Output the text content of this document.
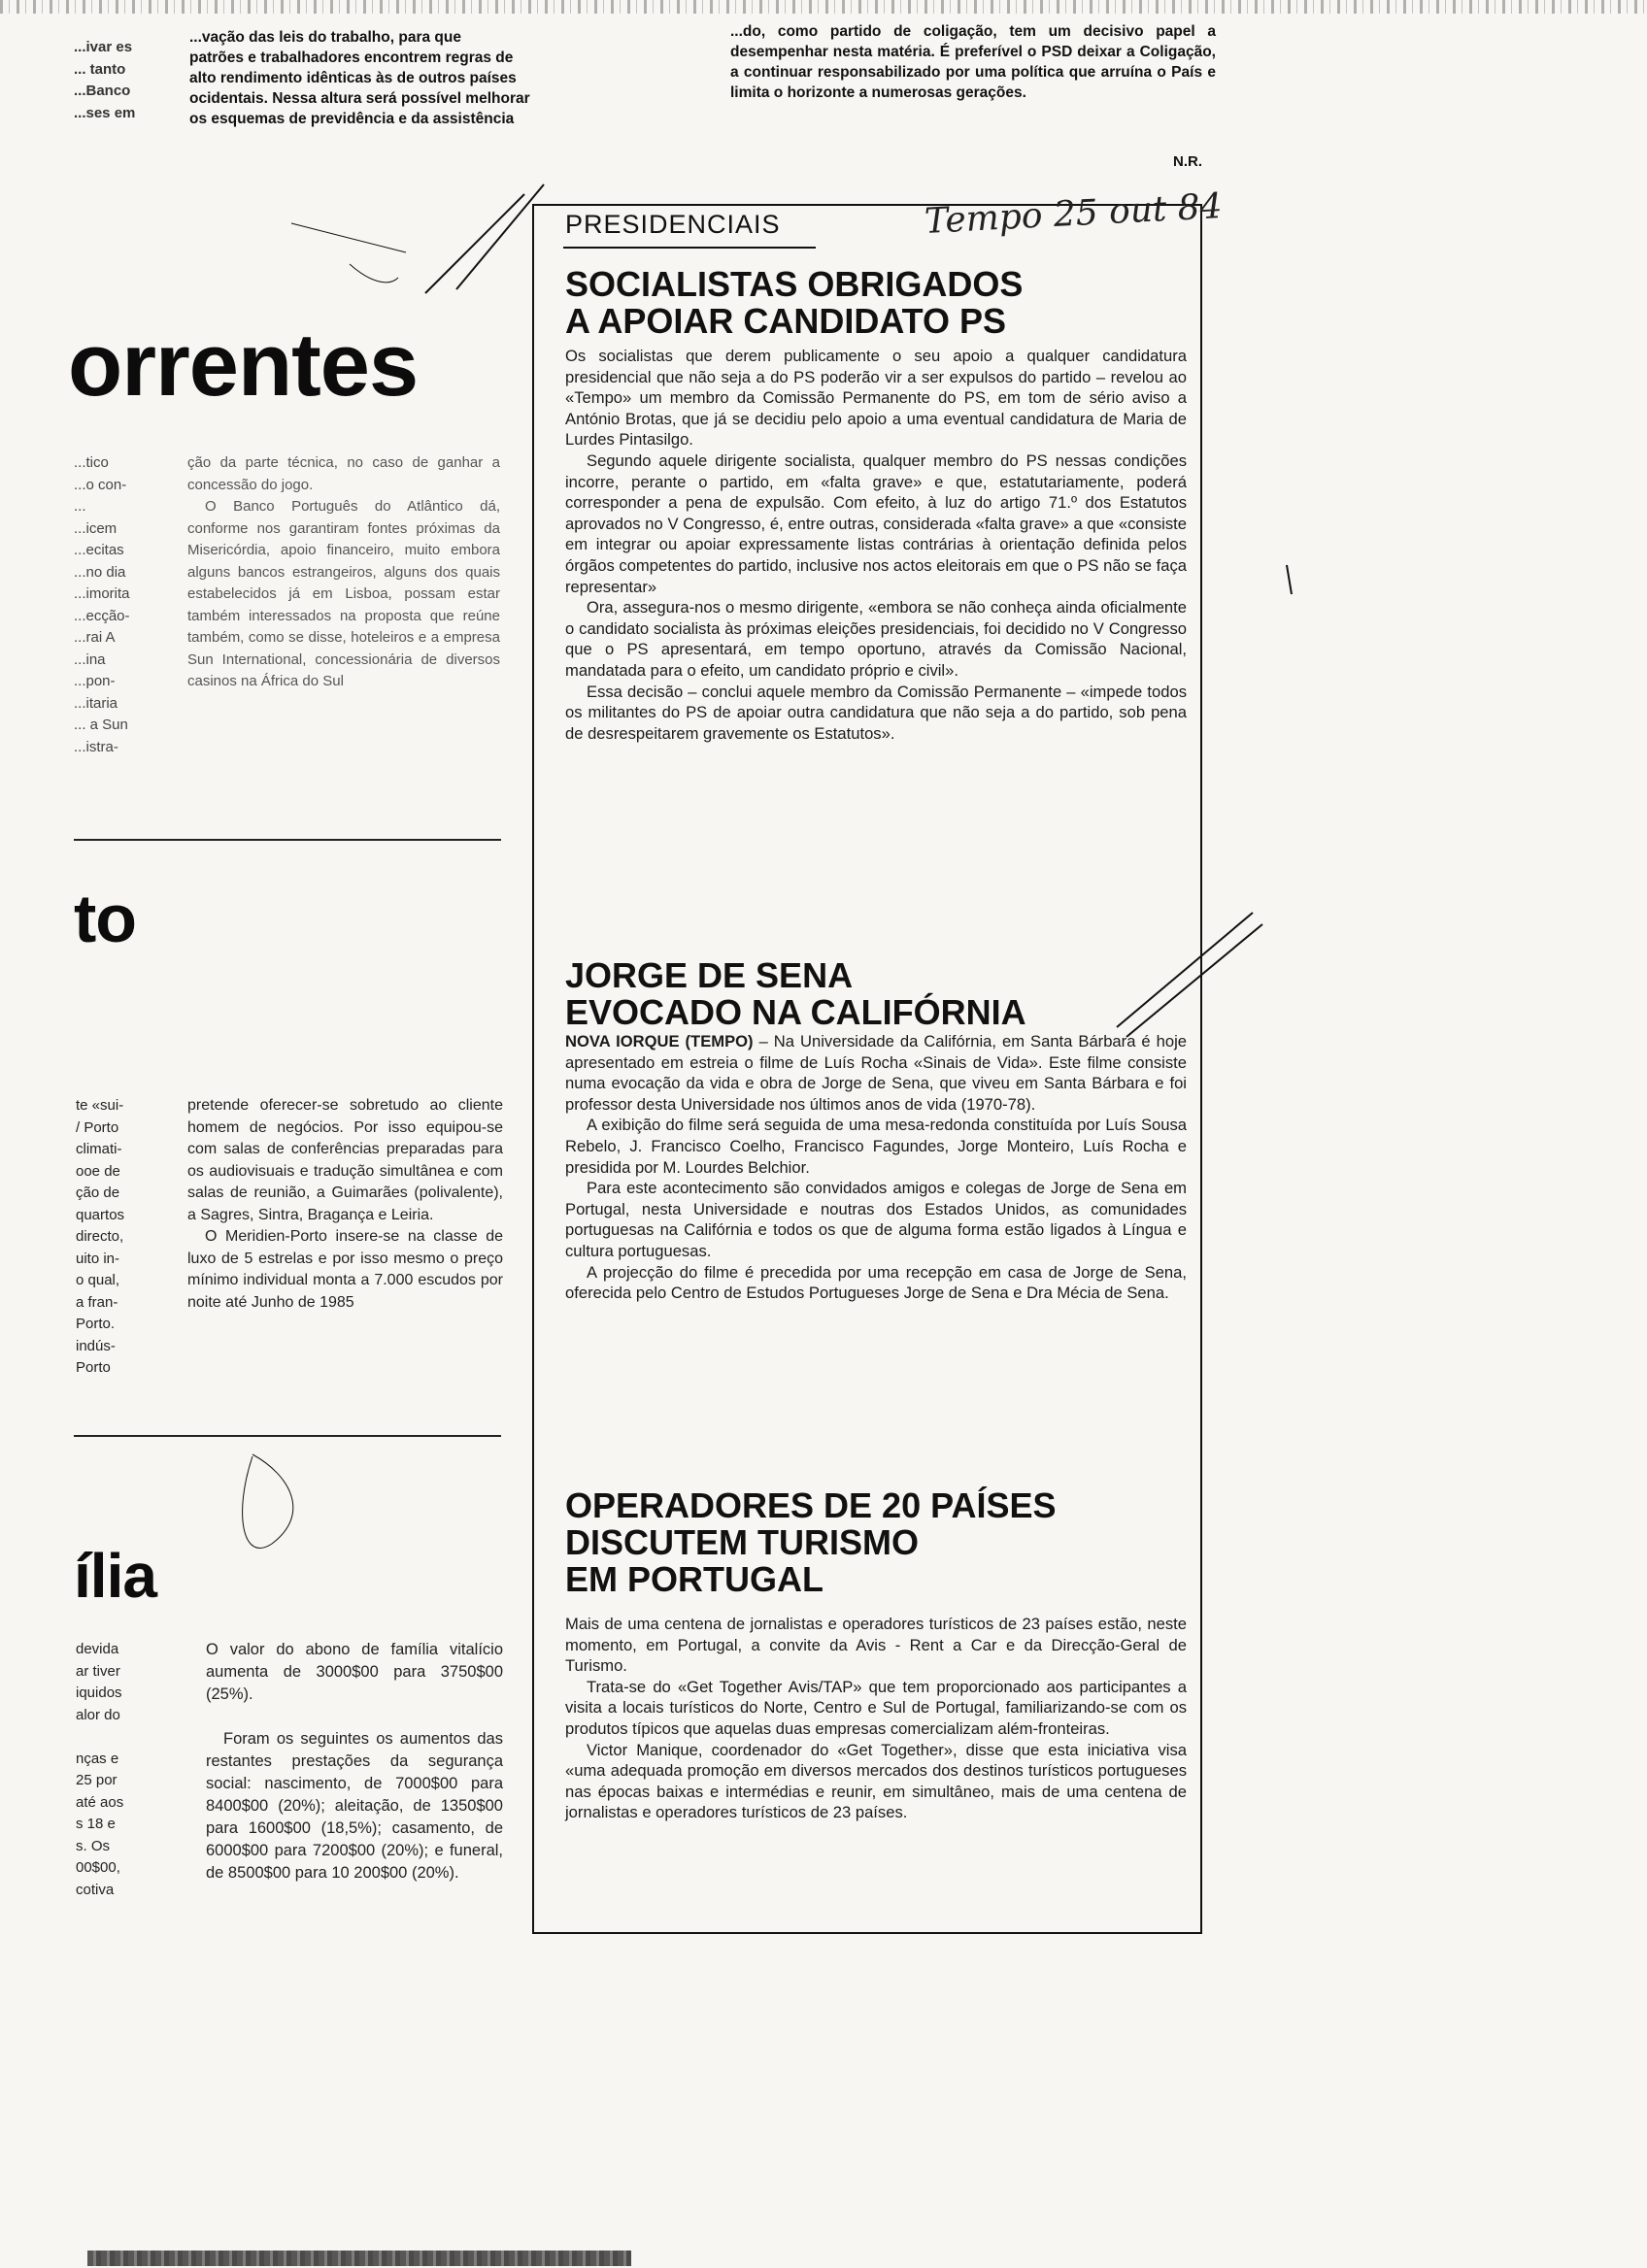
...vação das leis do trabalho, para que
patrões e trabalhadores encontrem regras de
alto rendimento idênticas às de outros países
ocidentais. Nessa altura será possível melhorar
os esquemas de previdência e da assistência
...ivar es
... tanto
...Banco
...ses em
...do, como partido de coligação, tem um decisivo papel a desempenhar nesta matéria. É preferível o PSD deixar a Coligação, a continuar responsabilizado por uma política que arruína o País e limita o horizonte a numerosas gerações.
N.R.
orrentes
...tico
...o con-
...
...icem
...ecitas
...no dia
...imorita
...ecção-
...rai A
...ina
...pon-
...itaria
... a Sun
...istra-

ção da parte técnica, no caso de ganhar a concessão do jogo.

O Banco Português do Atlântico dá, conforme nos garantiram fontes próximas da Misericórdia, apoio financeiro, muito embora alguns bancos estrangeiros, alguns dos quais estabelecidos já em Lisboa, possam estar também interessados na proposta que reúne também, como se disse, hoteleiros e a empresa Sun International, concessionária de diversos casinos na África do Sul

to
te «sui-
/ Porto
climati-
ooe de
ção de
quartos
directo,
uito in-
o qual,
a fran-
Porto.
indús-
Porto

pretende oferecer-se sobretudo ao cliente homem de negócios. Por isso equipou-se com salas de conferências preparadas para os audiovisuais e tradução simultânea e com salas de reunião, a Guimarães (polivalente), a Sagres, Sintra, Bragança e Leiria.

O Meridien-Porto insere-se na classe de luxo de 5 estrelas e por isso mesmo o preço mínimo individual monta a 7.000 escudos por noite até Junho de 1985

ília
devida
ar tiver
iquidos
alor do
nças e
25 por
até aos
s 18 e
s. Os
00$00,
cotiva

O valor do abono de família vitalício aumenta de 3000$00 para 3750$00 (25%).

Foram os seguintes os aumentos das restantes prestações da segurança social: nascimento, de 7000$00 para 8400$00 (20%); aleitação, de 1350$00 para 1600$00 (18,5%); casamento, de 6000$00 para 7200$00 (20%); e funeral, de 8500$00 para 10 200$00 (20%).

PRESIDENCIAIS	Tempo 25 out 84
SOCIALISTAS OBRIGADOS
A APOIAR CANDIDATO PS

Os socialistas que derem publicamente o seu apoio a qualquer candidatura presidencial que não seja a do PS poderão vir a ser expulsos do partido – revelou ao «Tempo» um membro da Comissão Permanente do PS, em tom de sério aviso a António Brotas, que já se decidiu pelo apoio a uma eventual candidatura de Maria de Lurdes Pintasilgo.

Segundo aquele dirigente socialista, qualquer membro do PS nessas condições incorre, perante o partido, em «falta grave» e que, estatutariamente, poderá corresponder a pena de expulsão. Com efeito, à luz do artigo 71.º dos Estatutos aprovados no V Congresso, é, entre outras, considerada «falta grave» a que «consiste em integrar ou apoiar expressamente listas contrárias à orientação definida pelos órgãos competentes do partido, inclusive nos actos eleitorais em que o PS não se faça representar»

Ora, assegura-nos o mesmo dirigente, «embora se não conheça ainda oficialmente o candidato socialista às próximas eleições presidenciais, foi decidido no V Congresso que o PS apresentará, em tempo oportuno, através da Comissão Nacional, mandatada para o efeito, um candidato próprio e civil».

Essa decisão – conclui aquele membro da Comissão Permanente – «impede todos os militantes do PS de apoiar outra candidatura que não seja a do partido, sob pena de desrespeitarem gravemente os Estatutos».

JORGE DE SENA
EVOCADO NA CALIFÓRNIA

NOVA IORQUE (TEMPO) – Na Universidade da Califórnia, em Santa Bárbara é hoje apresentado em estreia o filme de Luís Rocha «Sinais de Vida». Este filme consiste numa evocação da vida e obra de Jorge de Sena, que viveu em Santa Bárbara e foi professor desta Universidade nos últimos anos de vida (1970-78).

A exibição do filme será seguida de uma mesa-redonda constituída por Luís Sousa Rebelo, J. Francisco Coelho, Francisco Fagundes, Jorge Monteiro, Luís Rocha e presidida por M. Lourdes Belchior.

Para este acontecimento são convidados amigos e colegas de Jorge de Sena em Portugal, nesta Universidade e noutras dos Estados Unidos, as comunidades portuguesas na Califórnia e todos os que de alguma forma estão ligados à Língua e cultura portuguesas.

A projecção do filme é precedida por uma recepção em casa de Jorge de Sena, oferecida pelo Centro de Estudos Portugueses Jorge de Sena e Dra Mécia de Sena.

OPERADORES DE 20 PAÍSES
DISCUTEM TURISMO
EM PORTUGAL

Mais de uma centena de jornalistas e operadores turísticos de 23 países estão, neste momento, em Portugal, a convite da Avis - Rent a Car e da Direcção-Geral de Turismo.

Trata-se do «Get Together Avis/TAP» que tem proporcionado aos participantes a visita a locais turísticos do Norte, Centro e Sul de Portugal, familiarizando-se com os produtos típicos que aquelas duas empresas comercializam além-fronteiras.

Victor Manique, coordenador do «Get Together», disse que esta iniciativa visa «uma adequada promoção em diversos mercados dos destinos turísticos portugueses nas épocas baixas e intermédias e reunir, em simultâneo, mais de uma centena de jornalistas e operadores turísticos de 23 países.
